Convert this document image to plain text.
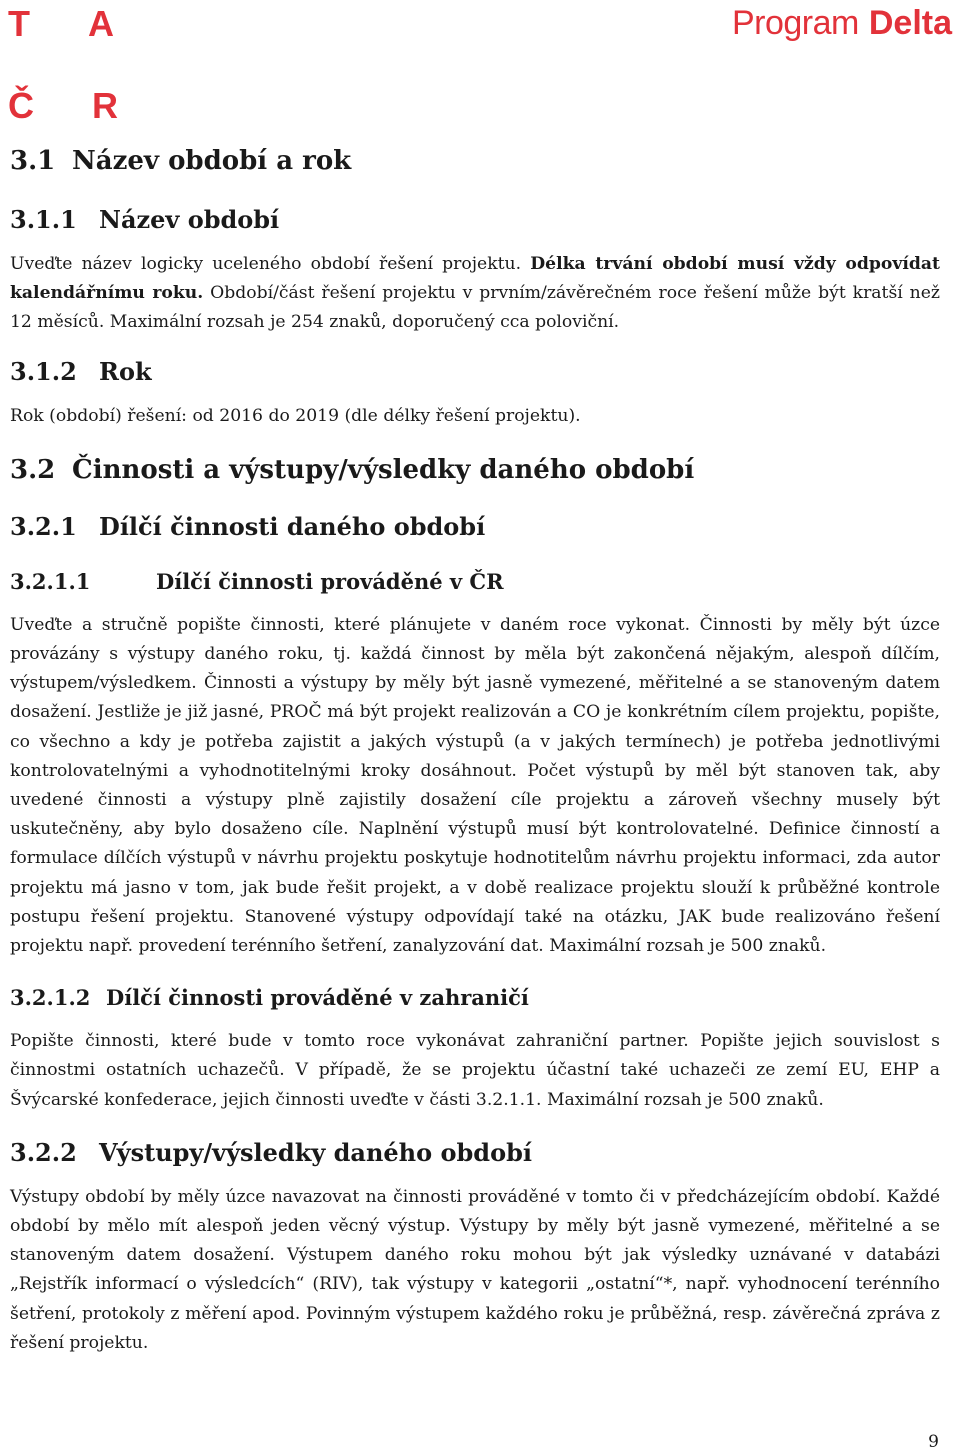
T A
Č R
Program Delta
3.1 Název období a rok
3.1.1 Název období

Uveďte název logicky uceleného období řešení projektu. Délka trvání období musí vždy odpovídat kalendářnímu roku. Období/část řešení projektu v prvním/závěrečném roce řešení může být kratší než 12 měsíců. Maximální rozsah je 254 znaků, doporučený cca poloviční.

3.1.2 Rok

Rok (období) řešení: od 2016 do 2019 (dle délky řešení projektu).

3.2 Činnosti a výstupy/výsledky daného období
3.2.1 Dílčí činnosti daného období
3.2.1.1	Dílčí činnosti prováděné v ČR

Uveďte a stručně popište činnosti, které plánujete v daném roce vykonat. Činnosti by měly být úzce provázány s výstupy daného roku, tj. každá činnost by měla být zakončená nějakým, alespoň dílčím, výstupem/výsledkem. Činnosti a výstupy by měly být jasně vymezené, měřitelné a se stanoveným datem dosažení. Jestliže je již jasné, PROČ má být projekt realizován a CO je konkrétním cílem projektu, popište, co všechno a kdy je potřeba zajistit a jakých výstupů (a v jakých termínech) je potřeba jednotlivými kontrolovatelnými a vyhodnotitelnými kroky dosáhnout. Počet výstupů by měl být stanoven tak, aby uvedené činnosti a výstupy plně zajistily dosažení cíle projektu a zároveň všechny musely být uskutečněny, aby bylo dosaženo cíle. Naplnění výstupů musí být kontrolovatelné. Definice činností a formulace dílčích výstupů v návrhu projektu poskytuje hodnotitelům návrhu projektu informaci, zda autor projektu má jasno v tom, jak bude řešit projekt, a v době realizace projektu slouží k průběžné kontrole postupu řešení projektu. Stanovené výstupy odpovídají také na otázku, JAK bude realizováno řešení projektu např. provedení terénního šetření, zanalyzování dat. Maximální rozsah je 500 znaků.

3.2.1.2 Dílčí činnosti prováděné v zahraničí

Popište činnosti, které bude v tomto roce vykonávat zahraniční partner. Popište jejich souvislost s činnostmi ostatních uchazečů. V případě, že se projektu účastní také uchazeči ze zemí EU, EHP a Švýcarské konfederace, jejich činnosti uveďte v části 3.2.1.1. Maximální rozsah je 500 znaků.

3.2.2 Výstupy/výsledky daného období

Výstupy období by měly úzce navazovat na činnosti prováděné v tomto či v předcházejícím období. Každé období by mělo mít alespoň jeden věcný výstup. Výstupy by měly být jasně vymezené, měřitelné a se stanoveným datem dosažení. Výstupem daného roku mohou být jak výsledky uznávané v databázi „Rejstřík informací o výsledcích“ (RIV), tak výstupy v kategorii „ostatní“*, např. vyhodnocení terénního šetření, protokoly z měření apod. Povinným výstupem každého roku je průběžná, resp. závěrečná zpráva z řešení projektu.

9
